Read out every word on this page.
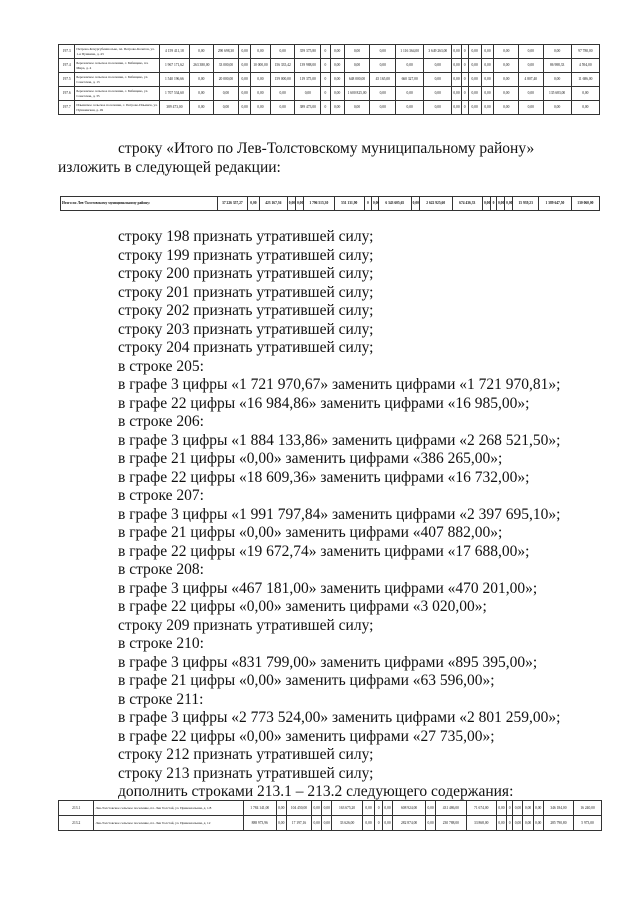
197.3	Петрово-Кочургубеншоське, пл. Петрово-Кочетов, ул. 1-я Пушкина, д. 43	4 159 411,18	0,00	290 698,30	0,00	0,00	0,00	359 375,80	0	0,00	0,00	0,00	1 116 364,00	3 649 263,00	0,00	0	0,00	0,00	0,00	0,00	0,00	97 780,00
197.4	Березовское сельское поселение, с. Бабищево, пл. Мира, д. 4	1 967 171,62	263 380,00	33 000,00	0,00	10 000,00	156 335,42	139 988,00	0	0,00	0,00	0,00	0,00	0,00	0,00	0	0,00	0,00	0,00	0,00	86 988,33	4 594,00
197.5	Березовское сельское поселение, с. Бабищево, ул. Советская, д. 13	1 540 196,66	0,00	20 000,00	0,00	0,00	159 000,00	119 375,00	0	0,00	648 000,00	45 165,00	660 327,00	0,00	0,00	0	0,00	0,00	0,00	4 807,40	0,00	11 686,00
197.6	Березовское сельское поселение, с. Бабищево, ул. Советская, д. 35	1 707 534,60	0,00	0,00	0,00	0,00	0,00	0,00	0	0,00	1 600 825,00	0,00	0,00	0,00	0,00	0	0,00	0,00	0,00	0,00	135 683,00	0,00
197.7	Ильинское сельское поселение, с. Петрово-Ильинск, ул. Пушкинская, д. 49	389 473,00	0,00	0,00	0,00	0,00	0,00	389 473,00	0	0,00	0,00	0,00	0,00	0,00	0,00	0	0,00	0,00	0,00	0,00	0,00	0,00
строку «Итого по Лев-Толстовскому муниципальному району» изложить в следующей редакции:
Итого по Лев-Толстовскому муниципальному району:	37 226 357,27	0,00	423 167,36	0,00	0,00	1 796 515,30	551 131,90	0	0,00	6 343 605,65	0,00	2 622 925,60	674 436,33	0,00	0	0,00	0,00	15 939,23	1 389 647,50	130 060,00
строку 198 признать утратившей силу;
строку 199 признать утратившей силу;
строку 200 признать утратившей силу;
строку 201 признать утратившей силу;
строку 202 признать утратившей силу;
строку 203 признать утратившей силу;
строку 204 признать утратившей силу;
в строке 205:
в графе 3 цифры «1 721 970,67» заменить цифрами «1 721 970,81»;
в графе 22 цифры «16 984,86» заменить цифрами «16 985,00»;
в строке 206:
в графе 3 цифры «1 884 133,86» заменить цифрами «2 268 521,50»;
в графе 21 цифры «0,00» заменить цифрами «386 265,00»;
в графе 22 цифры «18 609,36» заменить цифрами «16 732,00»;
в строке 207:
в графе 3 цифры «1 991 797,84» заменить цифрами «2 397 695,10»;
в графе 21 цифры «0,00» заменить цифрами «407 882,00»;
в графе 22 цифры «19 672,74» заменить цифрами «17 688,00»;
в строке 208:
в графе 3 цифры «467 181,00» заменить цифрами «470 201,00»;
в графе 22 цифры «0,00» заменить цифрами «3 020,00»;
строку 209 признать утратившей силу;
в строке 210:
в графе 3 цифры «831 799,00» заменить цифрами «895 395,00»;
в графе 21 цифры «0,00» заменить цифрами «63 596,00»;
в строке 211:
в графе 3 цифры «2 773 524,00» заменить цифрами «2 801 259,00»;
в графе 22 цифры «0,00» заменить цифрами «27 735,00»;
строку 212 признать утратившей силу;
строку 213 признать утратившей силу;
дополнить строками 213.1 – 213.2 следующего содержания:
213.1	Лев-Толстовское сельское поселение, пл. Лев Толстой, ул. Привокзальная, д. 1/8	1 784 141,00	0,00	104 450,00	0,00	0,00	163 675,20	0,00	0	0,00	608 924,00	0,00	431 486,00	71 674,00	0,00	0	0,00	0,00	0,00	346 184,00	16 240,00
213.2	Лев-Толстовское сельское поселение, пл. Лев Толстой, ул. Привокзальная, д. 12	888 973,96	0,00	17 197,16	0,00	0,00	33 626,00	0,00	0	0,00	282 874,00	0,00	230 788,00	33 868,00	0,00	0	0,00	0,00	0,00	285 790,80	5 973,00
